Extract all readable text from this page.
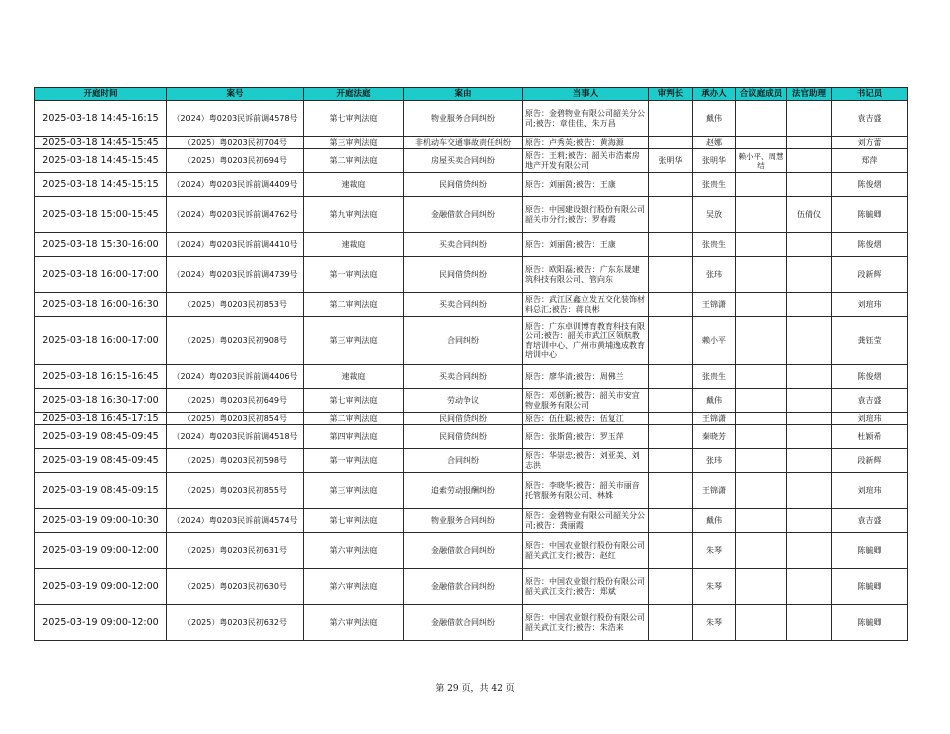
开庭时间	案号	开庭法庭	案由	当事人	审判长	承办人	合议庭成员	法官助理	书记员
2025-03-18 14:45-16:15	（2024）粤0203民诉前调4578号	第七审判法庭	物业服务合同纠纷	原告：金碧物业有限公司韶关分公司;被告：章佳佳、朱万昌		戴伟			袁吉盛
2025-03-18 14:45-15:45	（2025）粤0203民初704号	第三审判法庭	非机动车交通事故责任纠纷	原告：卢秀英;被告：黄海源		赵娜			刘方蕾
2025-03-18 14:45-15:45	（2025）粤0203民初694号	第二审判法庭	房屋买卖合同纠纷	原告：王莉;被告：韶关市浩素房地产开发有限公司	张明华	张明华	赖小平、周慧结		郑萍
2025-03-18 14:45-15:15	（2024）粤0203民诉前调4409号	速裁庭	民间借贷纠纷	原告：刘丽茵;被告：王康		张贵生			陈俊熠
2025-03-18 15:00-15:45	（2024）粤0203民诉前调4762号	第九审判法庭	金融借款合同纠纷	原告：中国建设银行股份有限公司韶关市分行;被告：罗春霞		吴放		伍倩仪	陈毓卿
2025-03-18 15:30-16:00	（2024）粤0203民诉前调4410号	速裁庭	买卖合同纠纷	原告：刘丽茵;被告：王康		张贵生			陈俊熠
2025-03-18 16:00-17:00	（2024）粤0203民诉前调4739号	第一审判法庭	民间借贷纠纷	原告：欧阳磊;被告：广东东晟建筑科技有限公司、管向东		张玮			段新辉
2025-03-18 16:00-16:30	（2025）粤0203民初853号	第二审判法庭	买卖合同纠纷	原告：武江区鑫立发五交化装饰材料总汇;被告：蒋良彬		王锦潇			刘瑄玮
2025-03-18 16:00-17:00	（2025）粤0203民初908号	第三审判法庭	合同纠纷	原告：广东卓训博育教育科技有限公司;被告：韶关市武江区领航教育培训中心、广州市黄埔逸成教育培训中心		赖小平			龚钰莹
2025-03-18 16:15-16:45	（2024）粤0203民诉前调4406号	速裁庭	买卖合同纠纷	原告：廖华清;被告：周佛兰		张贵生			陈俊熠
2025-03-18 16:30-17:00	（2025）粤0203民初649号	第七审判法庭	劳动争议	原告：邓创新;被告：韶关市安宜物业服务有限公司		戴伟			袁吉盛
2025-03-18 16:45-17:15	（2025）粤0203民初854号	第二审判法庭	民间借贷纠纷	原告：伍仕聪;被告：伍复江		王锦潇			刘瑄玮
2025-03-19 08:45-09:45	（2024）粤0203民诉前调4518号	第四审判法庭	民间借贷纠纷	原告：张斯茵;被告：罗玉萍		秦晓芳			杜颖希
2025-03-19 08:45-09:45	（2025）粤0203民初598号	第一审判法庭	合同纠纷	原告：华崇忠;被告：刘亚美、刘志洪		张玮			段新辉
2025-03-19 08:45-09:15	（2025）粤0203民初855号	第三审判法庭	追索劳动报酬纠纷	原告：李晓华;被告：韶关市丽音托管服务有限公司、林姝		王锦潇			刘瑄玮
2025-03-19 09:00-10:30	（2024）粤0203民诉前调4574号	第七审判法庭	物业服务合同纠纷	原告：金碧物业有限公司韶关分公司;被告：龚丽霞		戴伟			袁吉盛
2025-03-19 09:00-12:00	（2025）粤0203民初631号	第六审判法庭	金融借款合同纠纷	原告：中国农业银行股份有限公司韶关武江支行;被告：赵红		朱琴			陈毓卿
2025-03-19 09:00-12:00	（2025）粤0203民初630号	第六审判法庭	金融借款合同纠纷	原告：中国农业银行股份有限公司韶关武江支行;被告：郑斌		朱琴			陈毓卿
2025-03-19 09:00-12:00	（2025）粤0203民初632号	第六审判法庭	金融借款合同纠纷	原告：中国农业银行股份有限公司韶关武江支行;被告：朱浩来		朱琴			陈毓卿
第 29 页，共 42 页
